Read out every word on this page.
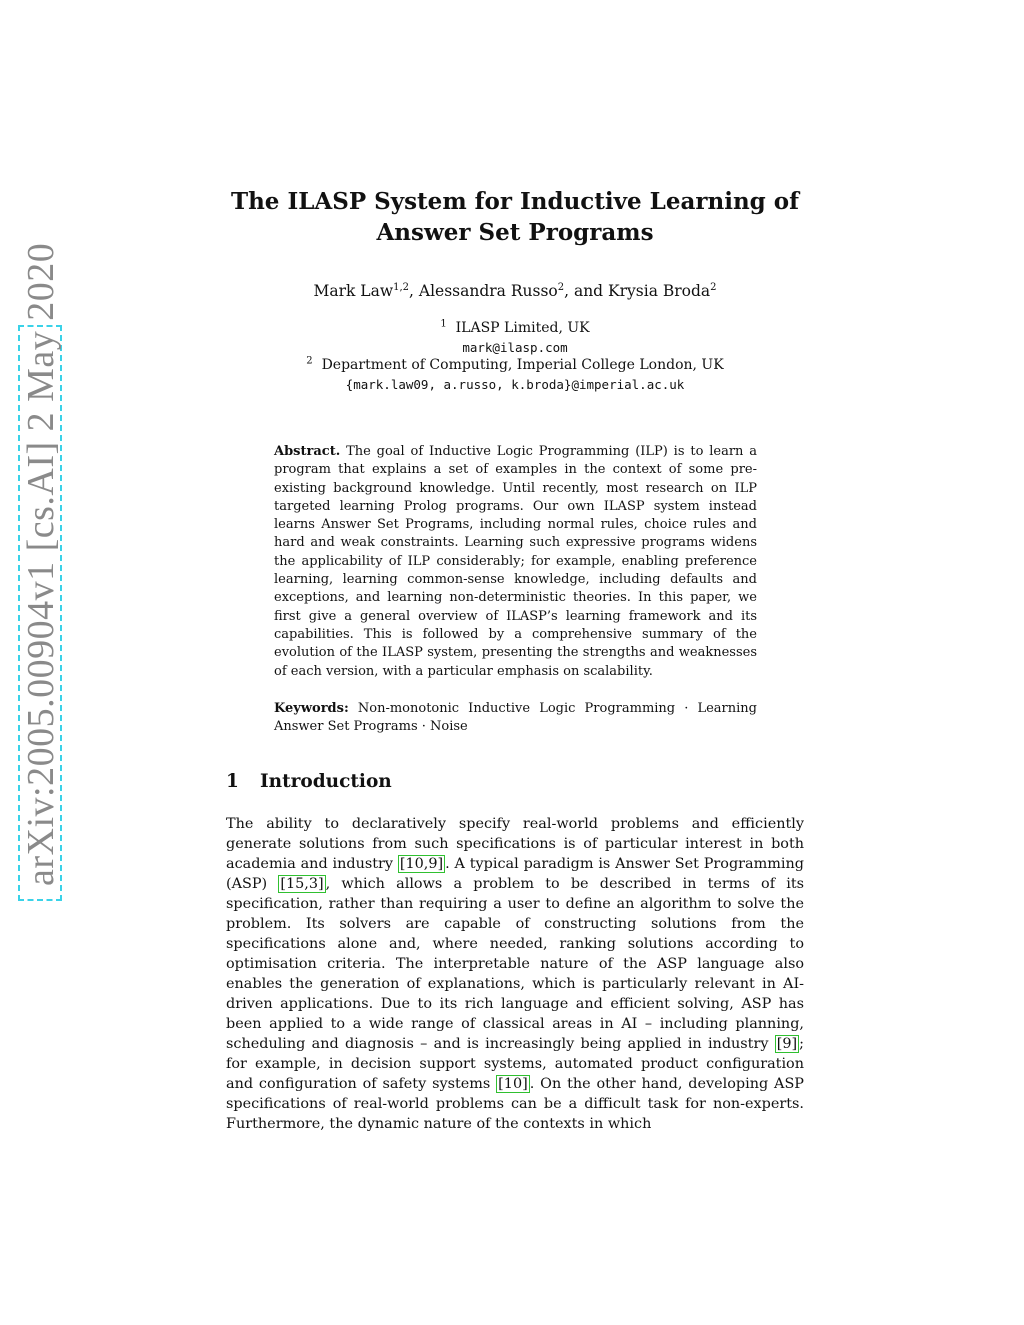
arXiv:2005.00904v1 [cs.AI] 2 May 2020
The ILASP System for Inductive Learning of
Answer Set Programs
Mark Law$^{1,2}$, Alessandra Russo$^2$, and Krysia Broda$^2$
$^1$ ILASP Limited, UK
mark@ilasp.com
$^2$ Department of Computing, Imperial College London, UK
{mark.law09, a.russo, k.broda}@imperial.ac.uk
Abstract. The goal of Inductive Logic Programming (ILP) is to learn a program that explains a set of examples in the context of some pre-existing background knowledge. Until recently, most research on ILP targeted learning Prolog programs. Our own ILASP system instead learns Answer Set Programs, including normal rules, choice rules and hard and weak constraints. Learning such expressive programs widens the applicability of ILP considerably; for example, enabling preference learning, learning common-sense knowledge, including defaults and exceptions, and learning non-deterministic theories. In this paper, we first give a general overview of ILASP’s learning framework and its capabilities. This is followed by a comprehensive summary of the evolution of the ILASP system, presenting the strengths and weaknesses of each version, with a particular emphasis on scalability.
Keywords: Non-monotonic Inductive Logic Programming · Learning Answer Set Programs · Noise
1 Introduction
The ability to declaratively specify real-world problems and efficiently generate solutions from such specifications is of particular interest in both academia and industry [10,9] . A typical paradigm is Answer Set Programming (ASP) [15,3] , which allows a problem to be described in terms of its specification, rather than requiring a user to define an algorithm to solve the problem. Its solvers are capable of constructing solutions from the specifications alone and, where needed, ranking solutions according to optimisation criteria. The interpretable nature of the ASP language also enables the generation of explanations, which is particularly relevant in AI-driven applications. Due to its rich language and efficient solving, ASP has been applied to a wide range of classical areas in AI – including planning, scheduling and diagnosis – and is increasingly being applied in industry [9] ; for example, in decision support systems, automated product configuration and configuration of safety systems [10] . On the other hand, developing ASP specifications of real-world problems can be a difficult task for non-experts. Furthermore, the dynamic nature of the contexts in which
